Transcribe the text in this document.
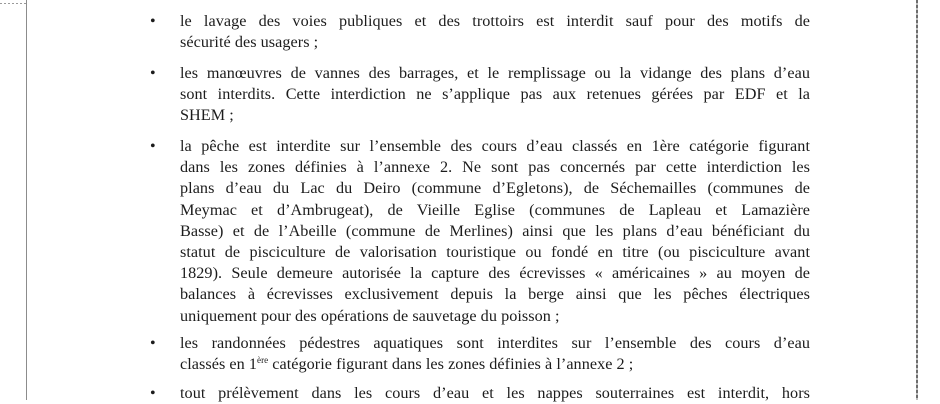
• le lavage des voies publiques et des trottoirs est interdit sauf pour des motifs de
sécurité des usagers ;
• les manœuvres de vannes des barrages, et le remplissage ou la vidange des plans d’eau
sont interdits. Cette interdiction ne s’applique pas aux retenues gérées par EDF et la
SHEM ;
• la pêche est interdite sur l’ensemble des cours d’eau classés en 1ère catégorie figurant
dans les zones définies à l’annexe 2. Ne sont pas concernés par cette interdiction les
plans d’eau du Lac du Deiro (commune d’Egletons), de Séchemailles (communes de
Meymac et d’Ambrugeat), de Vieille Eglise (communes de Lapleau et Lamazière
Basse) et de l’Abeille (commune de Merlines) ainsi que les plans d’eau bénéficiant du
statut de pisciculture de valorisation touristique ou fondé en titre (ou pisciculture avant
1829). Seule demeure autorisée la capture des écrevisses « américaines » au moyen de
balances à écrevisses exclusivement depuis la berge ainsi que les pêches électriques
uniquement pour des opérations de sauvetage du poisson ;
• les randonnées pédestres aquatiques sont interdites sur l’ensemble des cours d’eau
classés en 1ère catégorie figurant dans les zones définies à l’annexe 2 ;
• tout prélèvement dans les cours d’eau et les nappes souterraines est interdit, hors
